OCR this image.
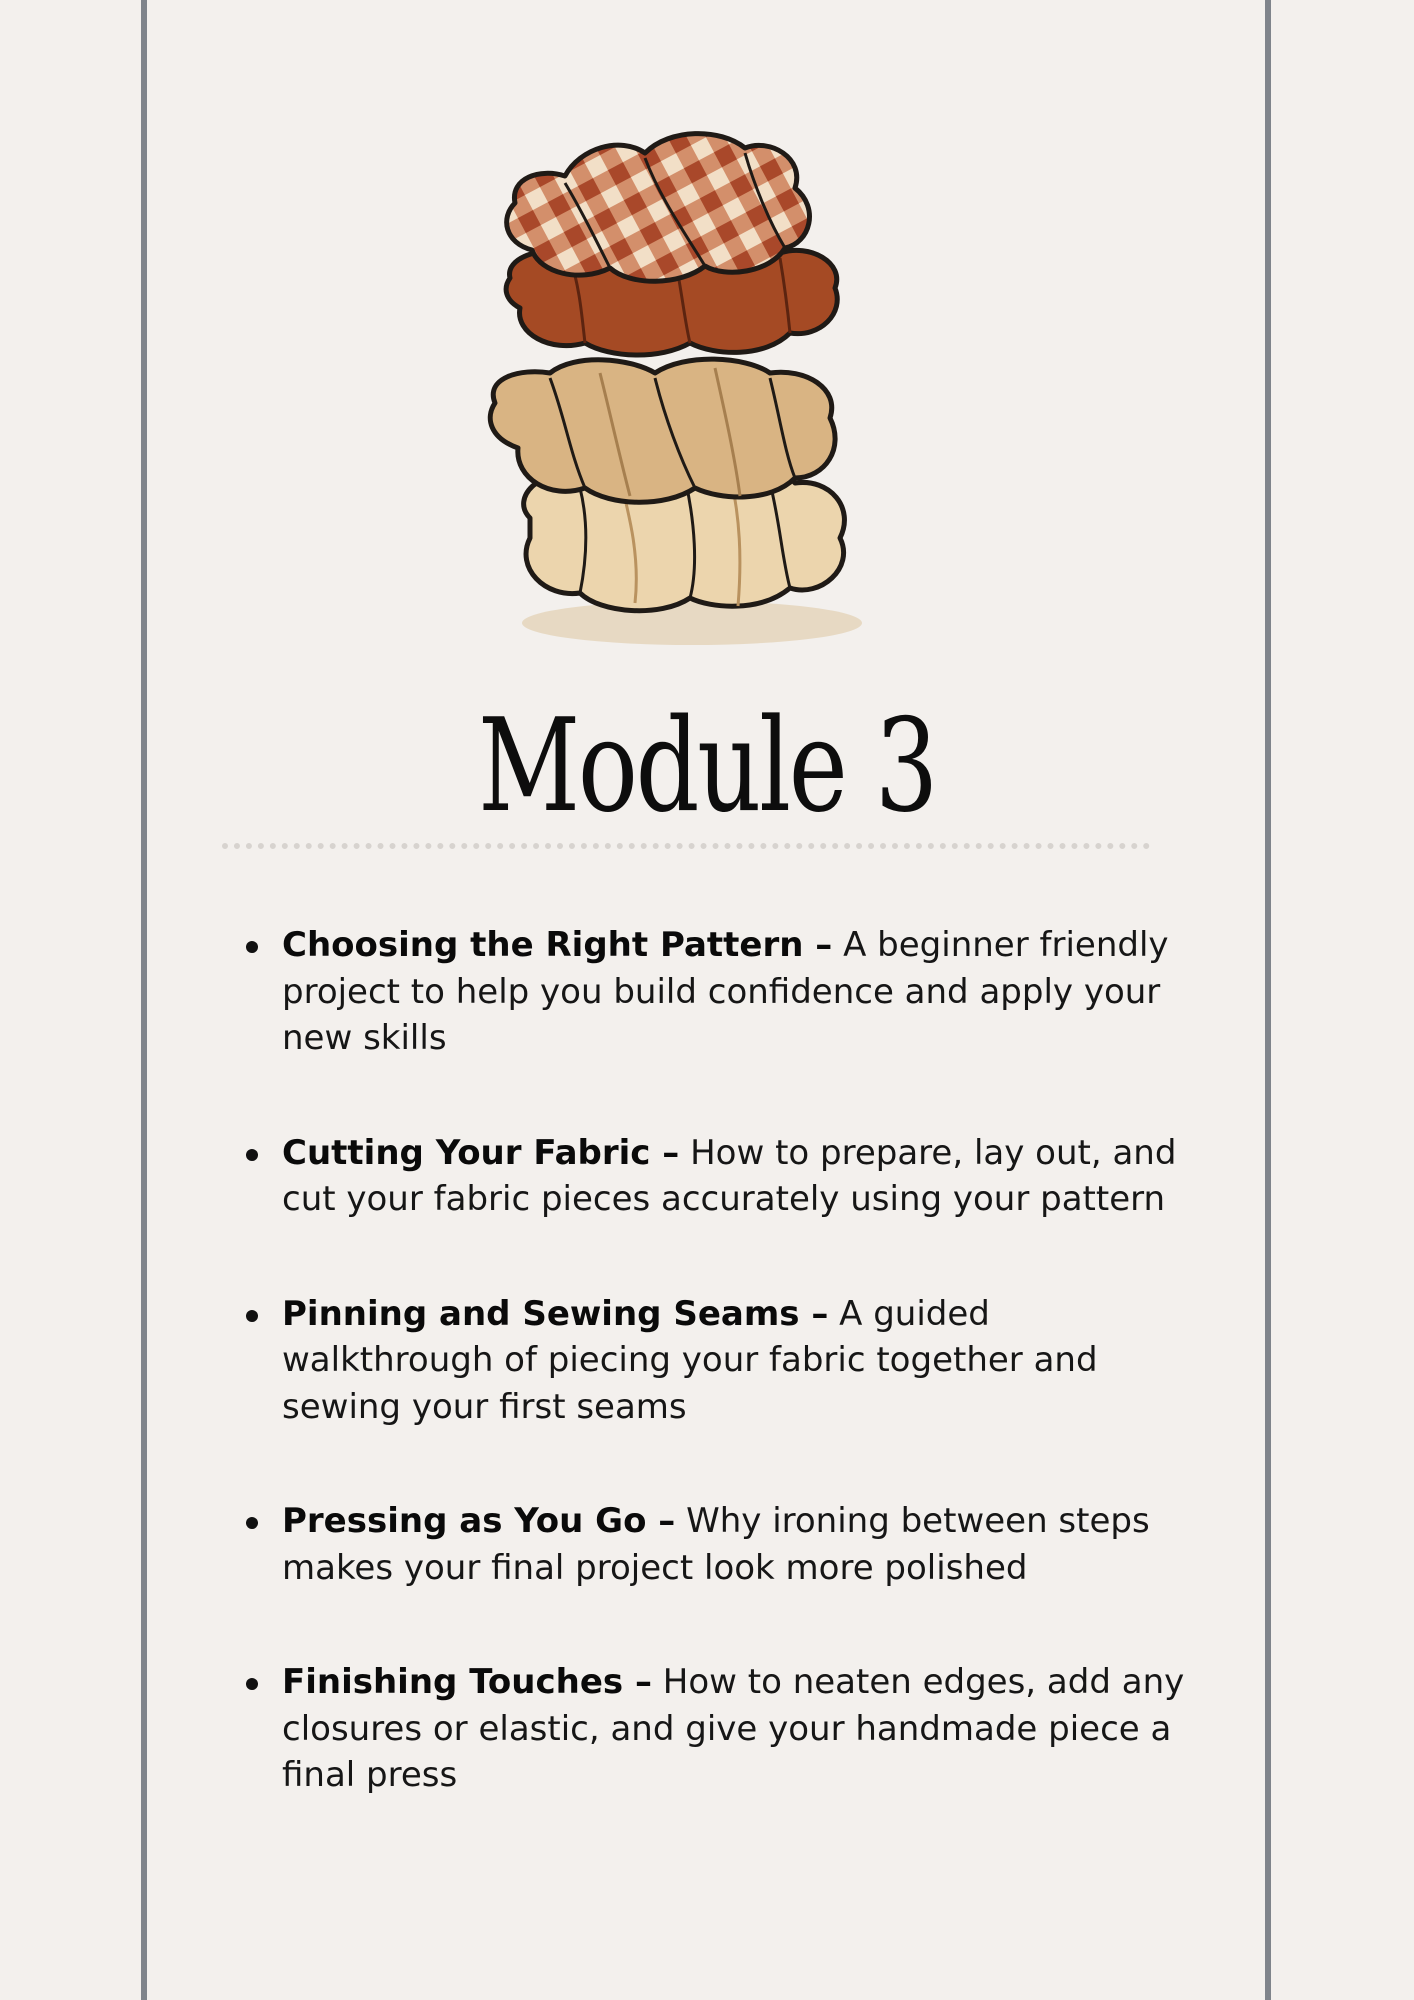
Module 3
Choosing the Right Pattern – A beginner friendly project to help you build confidence and apply your new skills
Cutting Your Fabric – How to prepare, lay out, and cut your fabric pieces accurately using your pattern
Pinning and Sewing Seams – A guided walkthrough of piecing your fabric together and sewing your first seams
Pressing as You Go – Why ironing between steps makes your final project look more polished
Finishing Touches – How to neaten edges, add any closures or elastic, and give your handmade piece a final press
